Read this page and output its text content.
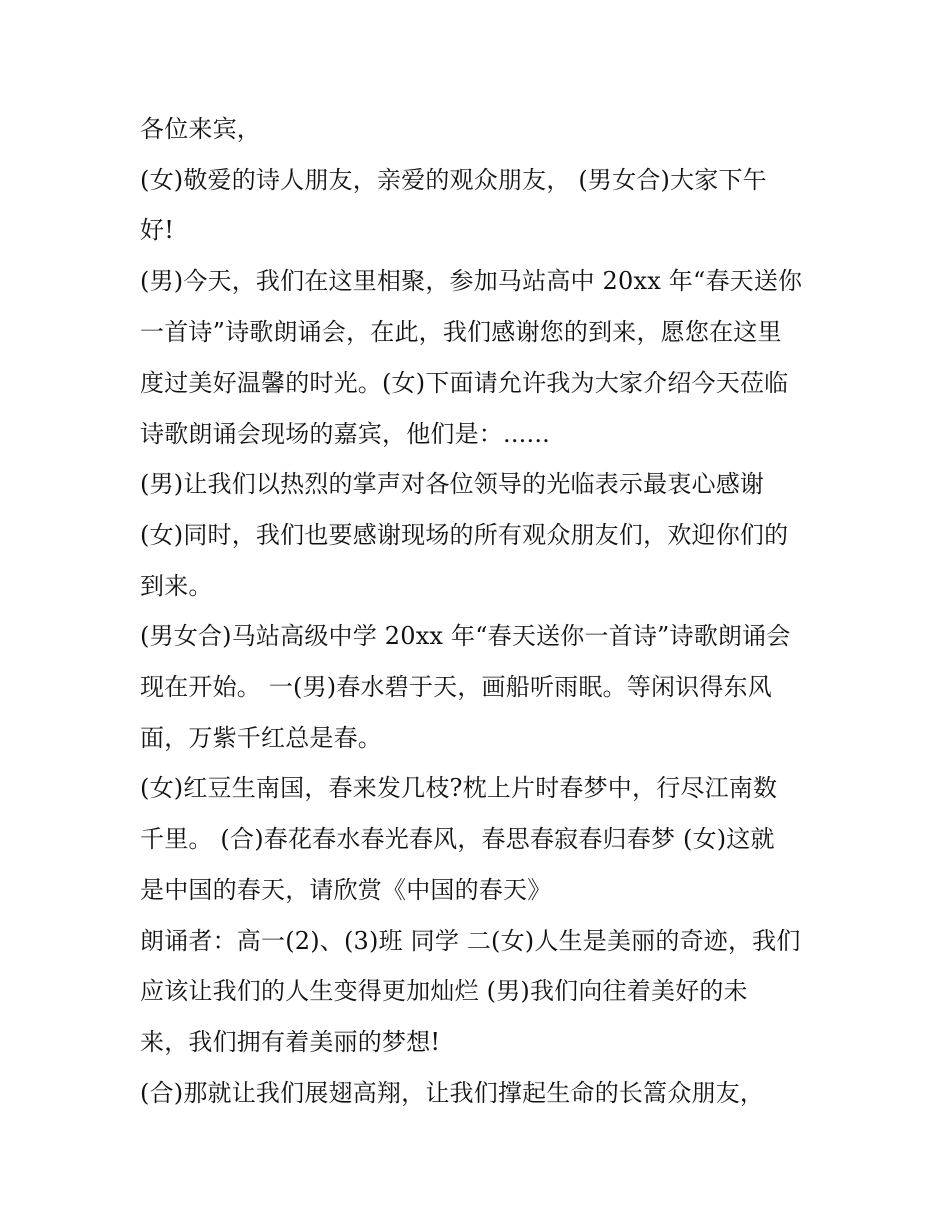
各位来宾，
(女)敬爱的诗人朋友，亲爱的观众朋友， (男女合)大家下午
好!
(男)今天，我们在这里相聚，参加马站高中 20xx 年“春天送你
一首诗”诗歌朗诵会，在此，我们感谢您的到来，愿您在这里
度过美好温馨的时光。(女)下面请允许我为大家介绍今天莅临
诗歌朗诵会现场的嘉宾，他们是：......
(男)让我们以热烈的掌声对各位领导的光临表示最衷心感谢
(女)同时，我们也要感谢现场的所有观众朋友们，欢迎你们的
到来。
(男女合)马站高级中学 20xx 年“春天送你一首诗”诗歌朗诵会
现在开始。 一(男)春水碧于天，画船听雨眠。等闲识得东风
面，万紫千红总是春。
(女)红豆生南国，春来发几枝?枕上片时春梦中，行尽江南数
千里。 (合)春花春水春光春风，春思春寂春归春梦 (女)这就
是中国的春天，请欣赏《中国的春天》
朗诵者：高一(2)、(3)班 同学 二(女)人生是美丽的奇迹，我们
应该让我们的人生变得更加灿烂 (男)我们向往着美好的未
来，我们拥有着美丽的梦想!
(合)那就让我们展翅高翔，让我们撑起生命的长篙众朋友，
